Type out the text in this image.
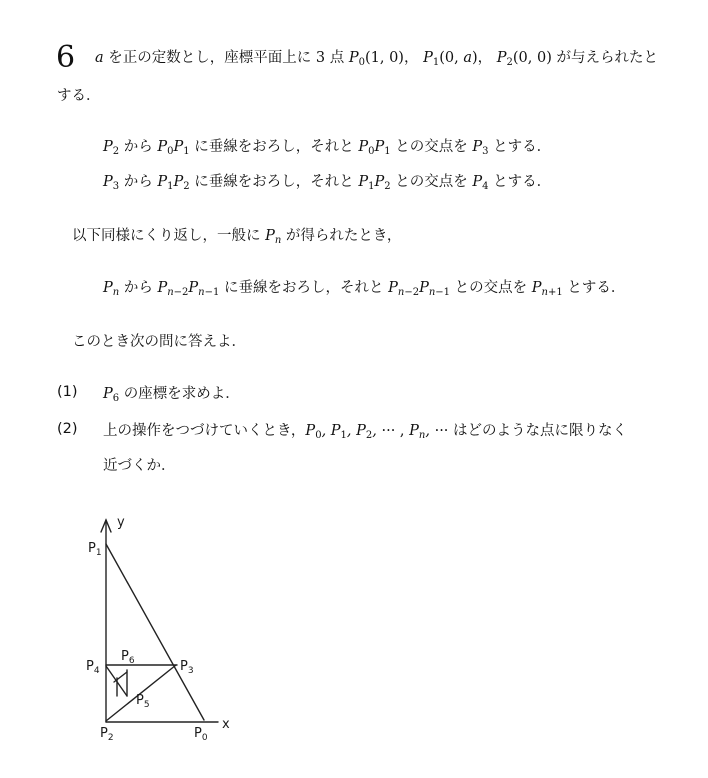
6 a を正の定数とし，座標平面上に 3 点 $P_0(1$, 0)， $P_1(0$, a)， $P_2(0$, 0) が与えられたと
する．
$P_2$ から $P_0P_1$ に垂線をおろし，それと $P_0P_1$ との交点を $P_3$ とする．
$P_3$ から $P_1P_2$ に垂線をおろし，それと $P_1P_2$ との交点を $P_4$ とする．
以下同様にくり返し，一般に $P_n$ が得られたとき，
$P_n$ から $P_{n-2}P_{n-1}$ に垂線をおろし，それと $P_{n-2}P_{n-1}$ との交点を $P_{n+1}$ とする．
このとき次の問に答えよ．
(1) $P_6$ の座標を求めよ．
(2) 上の操作をつづけていくとき，$P_0$, $P_1$, $P_2$, ··· , $P_n$, ··· はどのような点に限りなく
近づくか．
y
$P_1$
$P_4$
$P_6$	$P_3$
$P_5$
$P_2$	$P_0$
x
